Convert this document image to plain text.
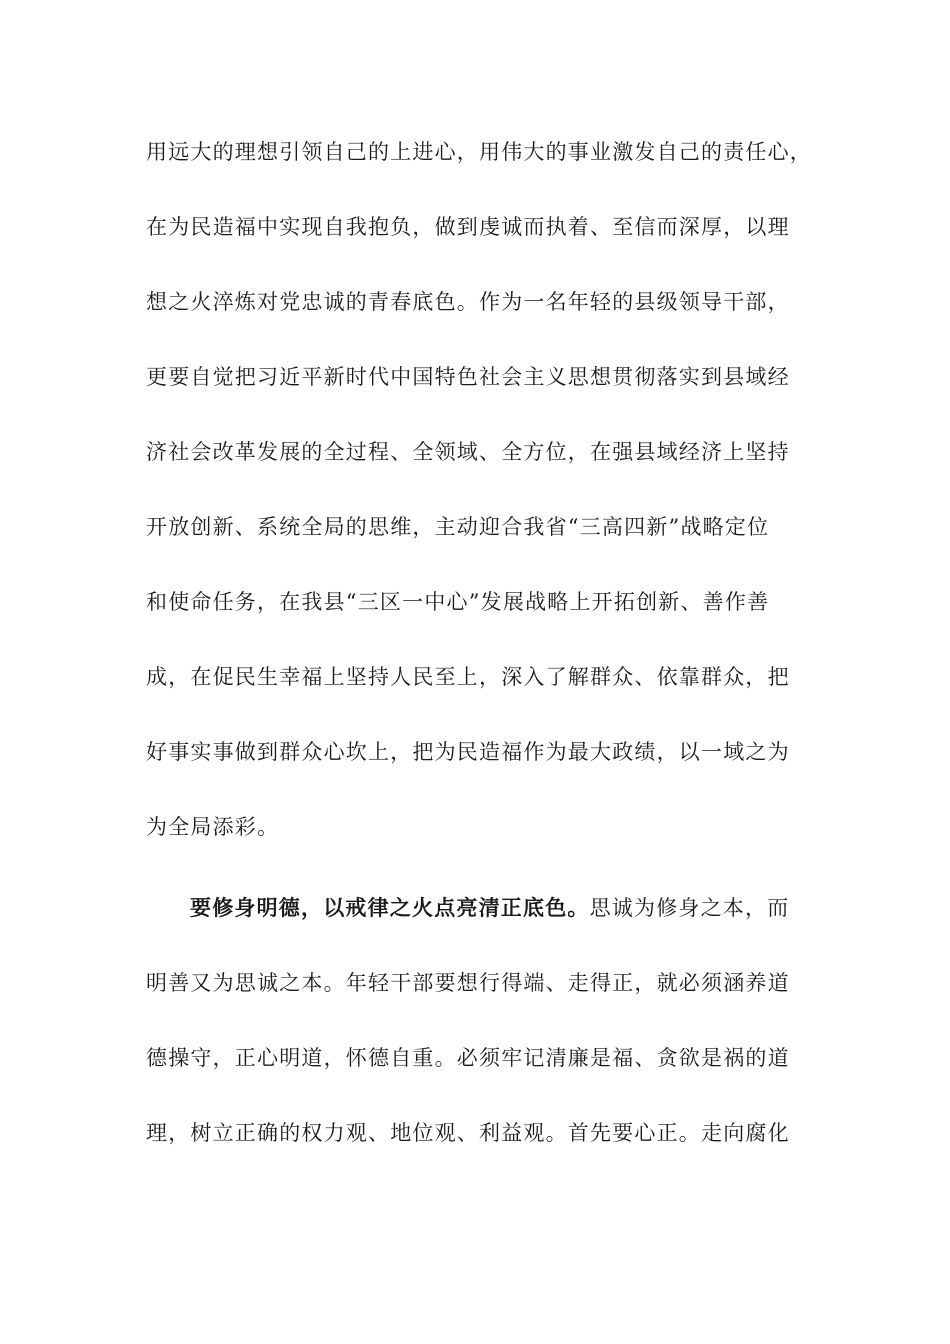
用远大的理想引领自己的上进心，用伟大的事业激发自己的责任心，
在为民造福中实现自我抱负，做到虔诚而执着、至信而深厚，以理
想之火淬炼对党忠诚的青春底色。作为一名年轻的县级领导干部，
更要自觉把习近平新时代中国特色社会主义思想贯彻落实到县域经
济社会改革发展的全过程、全领域、全方位，在强县域经济上坚持
开放创新、系统全局的思维，主动迎合我省“三高四新”战略定位
和使命任务，在我县“三区一中心”发展战略上开拓创新、善作善
成，在促民生幸福上坚持人民至上，深入了解群众、依靠群众，把
好事实事做到群众心坎上，把为民造福作为最大政绩，以一域之为
为全局添彩。
要修身明德，以戒律之火点亮清正底色。思诚为修身之本，而
明善又为思诚之本。年轻干部要想行得端、走得正，就必须涵养道
德操守，正心明道，怀德自重。必须牢记清廉是福、贪欲是祸的道
理，树立正确的权力观、地位观、利益观。首先要心正。走向腐化
